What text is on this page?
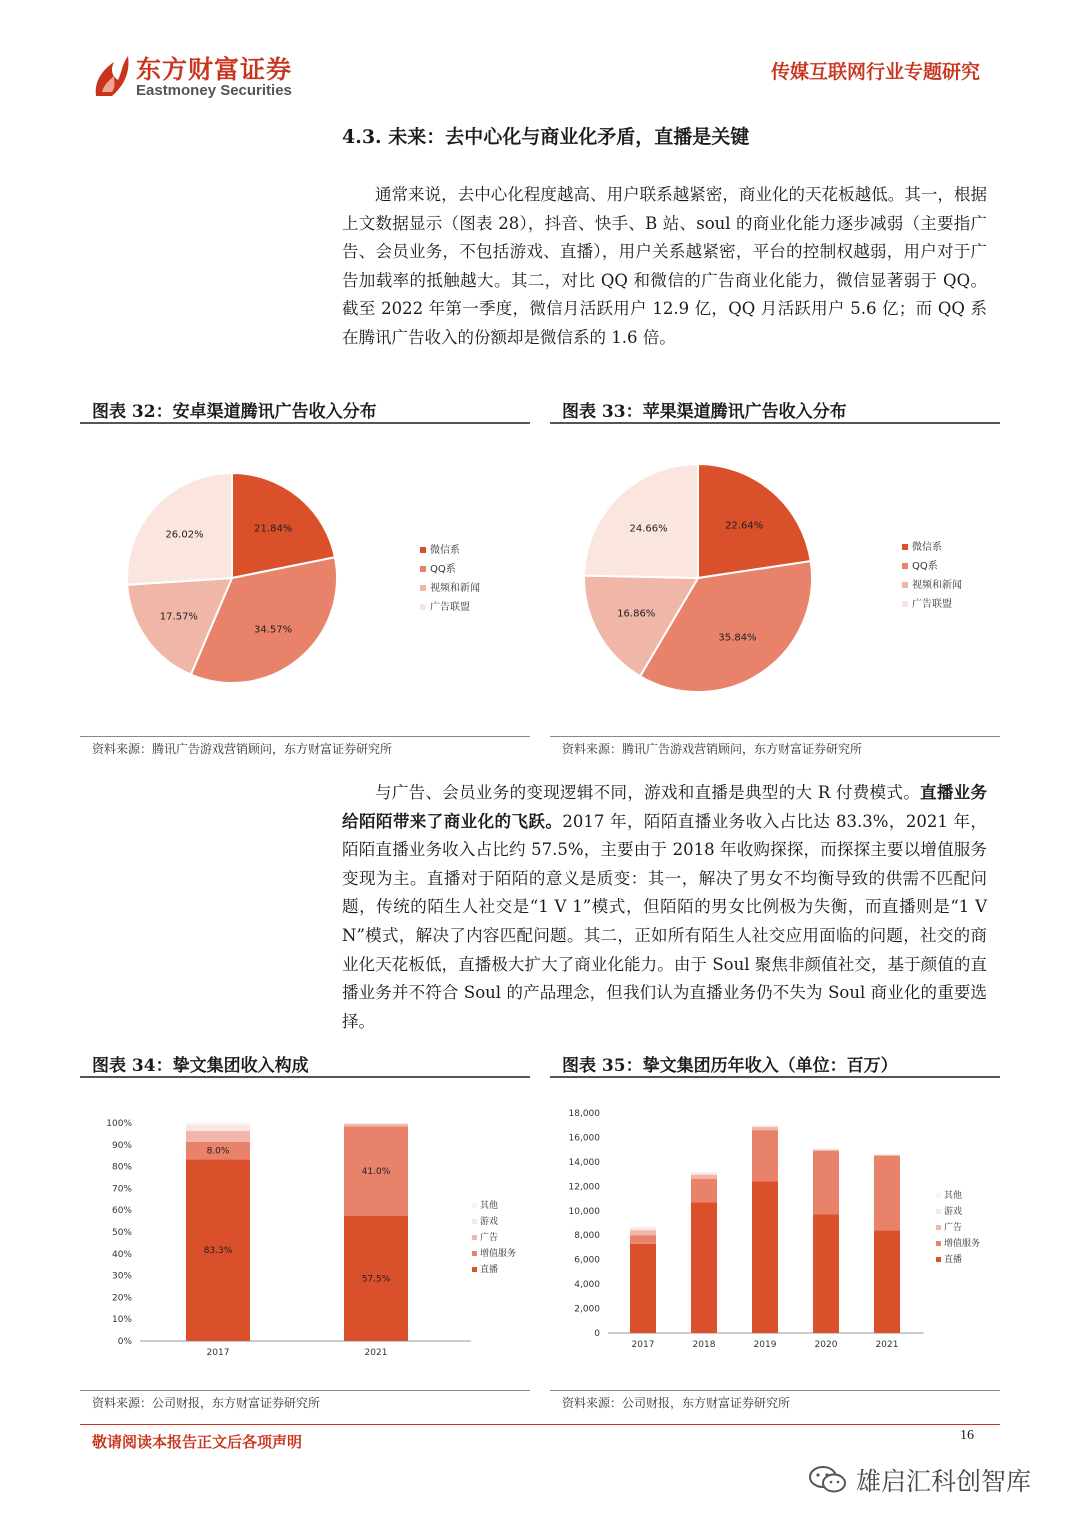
东方财富证券
Eastmoney Securities
传媒互联网行业专题研究
4.3. 未来：去中心化与商业化矛盾，直播是关键
通常来说，去中心化程度越高、用户联系越紧密，商业化的天花板越低。其一，根据上文数据显示（图表 28），抖音、快手、B 站、soul 的商业化能力逐步减弱（主要指广告、会员业务，不包括游戏、直播），用户关系越紧密，平台的控制权越弱，用户对于广告加载率的抵触越大。其二，对比 QQ 和微信的广告商业化能力，微信显著弱于 QQ。截至 2022 年第一季度，微信月活跃用户 12.9 亿，QQ 月活跃用户 5.6 亿；而 QQ 系在腾讯广告收入的份额却是微信系的 1.6 倍。
图表 32：安卓渠道腾讯广告收入分布	图表 33：苹果渠道腾讯广告收入分布
21.84%
34.57%
17.57%
26.02%
微信系
QQ系
视频和新闻
广告联盟
22.64%
35.84%
16.86%
24.66%
微信系
QQ系
视频和新闻
广告联盟
资料来源：腾讯广告游戏营销顾问，东方财富证券研究所	资料来源：腾讯广告游戏营销顾问，东方财富证券研究所
与广告、会员业务的变现逻辑不同，游戏和直播是典型的大 R 付费模式。直播业务给陌陌带来了商业化的飞跃。2017 年，陌陌直播业务收入占比达 83.3%，2021 年，陌陌直播业务收入占比约 57.5%，主要由于 2018 年收购探探，而探探主要以增值服务变现为主。直播对于陌陌的意义是质变：其一，解决了男女不均衡导致的供需不匹配问题，传统的陌生人社交是“1 V 1”模式，但陌陌的男女比例极为失衡，而直播则是“1 V N”模式，解决了内容匹配问题。其二，正如所有陌生人社交应用面临的问题，社交的商业化天花板低，直播极大扩大了商业化能力。由于 Soul 聚焦非颜值社交，基于颜值的直播业务并不符合 Soul 的产品理念，但我们认为直播业务仍不失为 Soul 商业化的重要选择。
图表 34：挚文集团收入构成	图表 35：挚文集团历年收入（单位：百万）
0%
10%
20%
30%
40%
50%
60%
70%
80%
90%
100%
83.3%
8.0%
2017
57.5%
41.0%
2021
其他
游戏
广告
增值服务
直播
0
2,000
4,000
6,000
8,000
10,000
12,000
14,000
16,000
18,000
2017	2018	2019	2020	2021
其他
游戏
广告
增值服务
直播
资料来源：公司财报，东方财富证券研究所	资料来源：公司财报，东方财富证券研究所
敬请阅读本报告正文后各项声明	16
雄启汇科创智库
